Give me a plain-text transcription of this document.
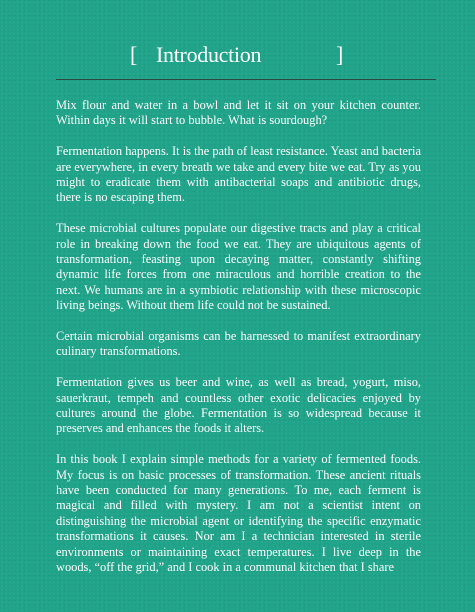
[ Introduction	]

Mix flour and water in a bowl and let it sit on your kitchen counter. Within days it will start to bubble. What is sourdough?

Fermentation happens. It is the path of least resistance. Yeast and bacteria are everywhere, in every breath we take and every bite we eat. Try as you might to eradicate them with antibacterial soaps and antibiotic drugs, there is no escaping them.

These microbial cultures populate our digestive tracts and play a critical role in breaking down the food we eat. They are ubiquitous agents of transformation, feasting upon decaying matter, constantly shifting dynamic life forces from one miraculous and horrible creation to the next. We humans are in a symbiotic relationship with these microscopic living beings. Without them life could not be sustained.

Certain microbial organisms can be harnessed to manifest extraordinary culinary transformations.

Fermentation gives us beer and wine, as well as bread, yogurt, miso, sauerkraut, tempeh and countless other exotic delicacies enjoyed by cultures around the globe. Fermentation is so widespread because it preserves and enhances the foods it alters.

In this book I explain simple methods for a variety of fermented foods. My focus is on basic processes of transformation. These ancient rituals have been conducted for many generations. To me, each ferment is magical and filled with mystery. I am not a scientist intent on distinguishing the microbial agent or identifying the specific enzymatic transformations it causes. Nor am I a technician interested in sterile environments or maintaining exact temperatures. I live deep in the woods, “off the grid,” and I cook in a communal kitchen that I share
